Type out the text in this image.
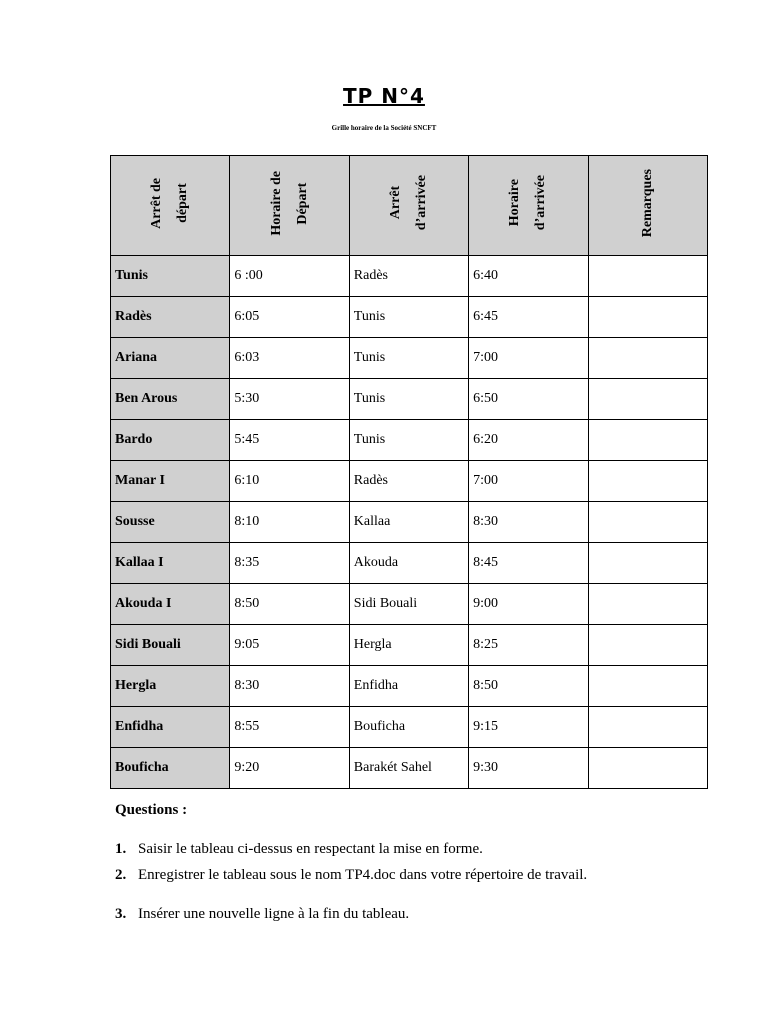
TP N°4
Grille horaire de la Société SNCFT
Arrêt de départ	Horaire de Départ	Arrêt d’arrivée	Horaire d’arrivée	Remarques

Tunis	6 :00	Radès	6:40	
Radès	6:05	Tunis	6:45	
Ariana	6:03	Tunis	7:00	
Ben Arous	5:30	Tunis	6:50	
Bardo	5:45	Tunis	6:20	
Manar I	6:10	Radès	7:00	
Sousse	8:10	Kallaa	8:30	
Kallaa I	8:35	Akouda	8:45	
Akouda I	8:50	Sidi Bouali	9:00	
Sidi Bouali	9:05	Hergla	8:25	
Hergla	8:30	Enfidha	8:50	
Enfidha	8:55	Bouficha	9:15	
Bouficha	9:20	Barakét Sahel	9:30	
Questions :
1. Saisir le tableau ci-dessus en respectant la mise en forme.
2. Enregistrer le tableau sous le nom TP4.doc dans votre répertoire de travail.
3. Insérer une nouvelle ligne à la fin du tableau.
